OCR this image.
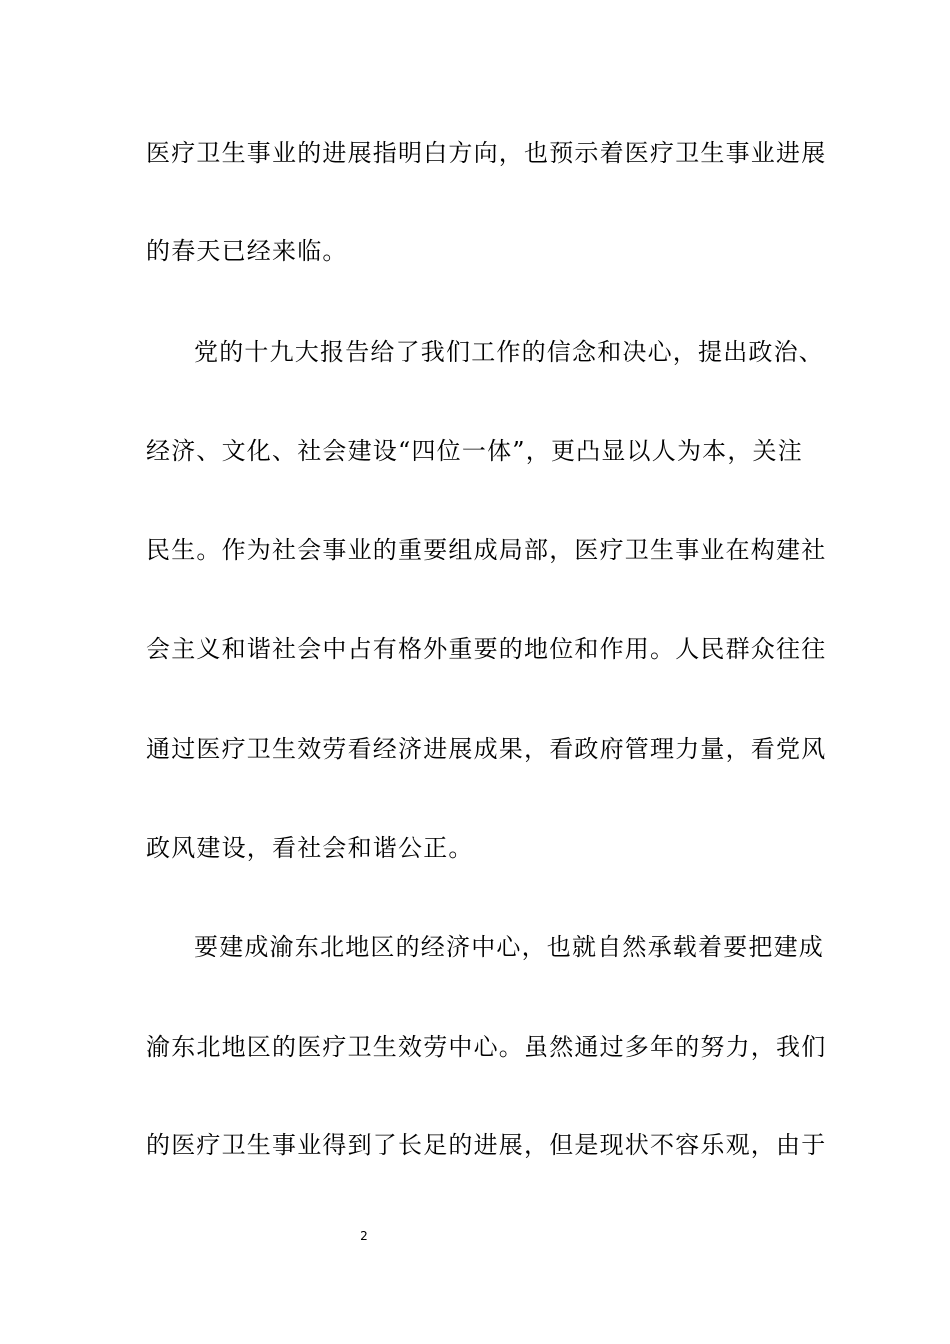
医疗卫生事业的进展指明白方向，也预示着医疗卫生事业进展
的春天已经来临。
党的十九大报告给了我们工作的信念和决心，提出政治、
经济、文化、社会建设“四位一体”，更凸显以人为本，关注
民生。作为社会事业的重要组成局部，医疗卫生事业在构建社
会主义和谐社会中占有格外重要的地位和作用。人民群众往往
通过医疗卫生效劳看经济进展成果，看政府管理力量，看党风
政风建设，看社会和谐公正。
要建成渝东北地区的经济中心，也就自然承载着要把建成
渝东北地区的医疗卫生效劳中心。虽然通过多年的努力，我们
的医疗卫生事业得到了长足的进展，但是现状不容乐观，由于
2
